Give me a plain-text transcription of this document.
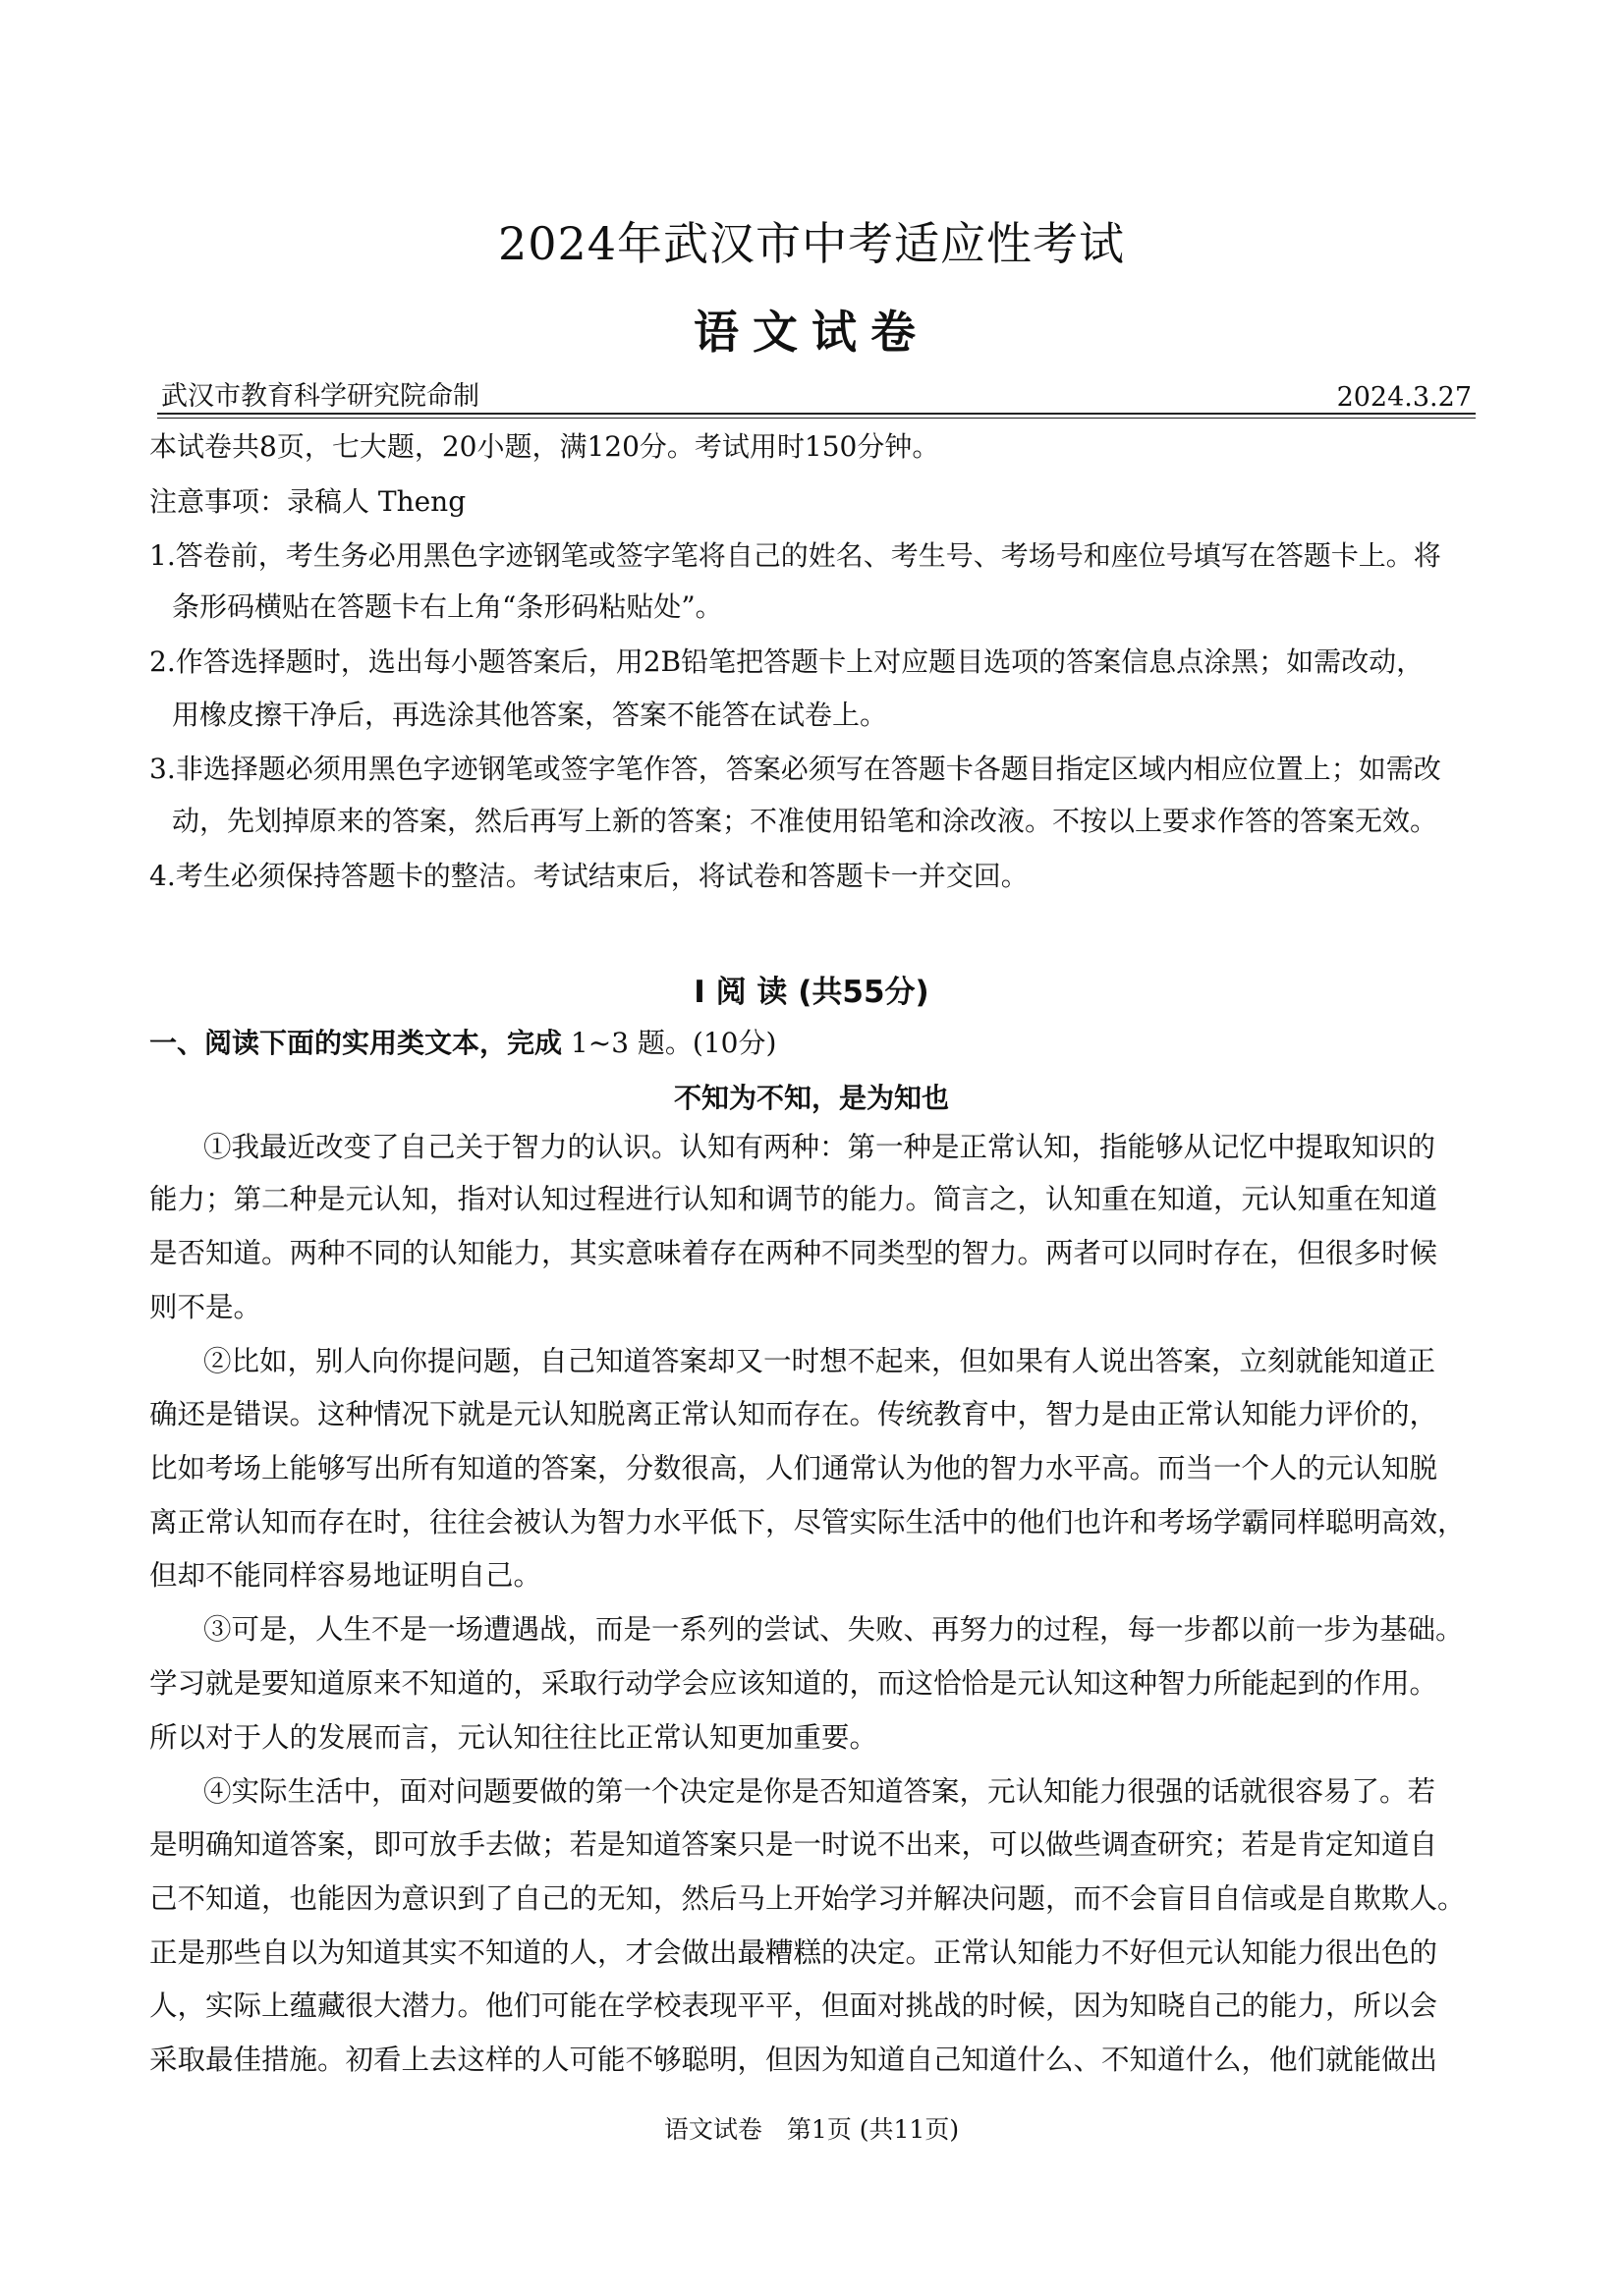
2024年武汉市中考适应性考试
语文试卷
武汉市教育科学研究院命制	2024.3.27
本试卷共8页，七大题，20小题，满120分。考试用时150分钟。
注意事项：录稿人 Theng
1.答卷前，考生务必用黑色字迹钢笔或签字笔将自己的姓名、考生号、考场号和座位号填写在答题卡上。将
条形码横贴在答题卡右上角“条形码粘贴处”。
2.作答选择题时，选出每小题答案后，用2B铅笔把答题卡上对应题目选项的答案信息点涂黑；如需改动，
用橡皮擦干净后，再选涂其他答案，答案不能答在试卷上。
3.非选择题必须用黑色字迹钢笔或签字笔作答，答案必须写在答题卡各题目指定区域内相应位置上；如需改
动，先划掉原来的答案，然后再写上新的答案；不准使用铅笔和涂改液。不按以上要求作答的答案无效。
4.考生必须保持答题卡的整洁。考试结束后，将试卷和答题卡一并交回。
Ⅰ 阅 读 (共55分)
一、阅读下面的实用类文本，完成 1~3 题。(10分)
不知为不知，是为知也
①我最近改变了自己关于智力的认识。认知有两种：第一种是正常认知，指能够从记忆中提取知识的
能力；第二种是元认知，指对认知过程进行认知和调节的能力。简言之，认知重在知道，元认知重在知道
是否知道。两种不同的认知能力，其实意味着存在两种不同类型的智力。两者可以同时存在，但很多时候
则不是。
②比如，别人向你提问题，自己知道答案却又一时想不起来，但如果有人说出答案，立刻就能知道正
确还是错误。这种情况下就是元认知脱离正常认知而存在。传统教育中，智力是由正常认知能力评价的，
比如考场上能够写出所有知道的答案，分数很高，人们通常认为他的智力水平高。而当一个人的元认知脱
离正常认知而存在时，往往会被认为智力水平低下，尽管实际生活中的他们也许和考场学霸同样聪明高效，
但却不能同样容易地证明自己。
③可是，人生不是一场遭遇战，而是一系列的尝试、失败、再努力的过程，每一步都以前一步为基础。
学习就是要知道原来不知道的，采取行动学会应该知道的，而这恰恰是元认知这种智力所能起到的作用。
所以对于人的发展而言，元认知往往比正常认知更加重要。
④实际生活中，面对问题要做的第一个决定是你是否知道答案，元认知能力很强的话就很容易了。若
是明确知道答案，即可放手去做；若是知道答案只是一时说不出来，可以做些调查研究；若是肯定知道自
己不知道，也能因为意识到了自己的无知，然后马上开始学习并解决问题，而不会盲目自信或是自欺欺人。
正是那些自以为知道其实不知道的人，才会做出最糟糕的决定。正常认知能力不好但元认知能力很出色的
人，实际上蕴藏很大潜力。他们可能在学校表现平平，但面对挑战的时候，因为知晓自己的能力，所以会
采取最佳措施。初看上去这样的人可能不够聪明，但因为知道自己知道什么、不知道什么，他们就能做出
语文试卷　第1页 (共11页)
